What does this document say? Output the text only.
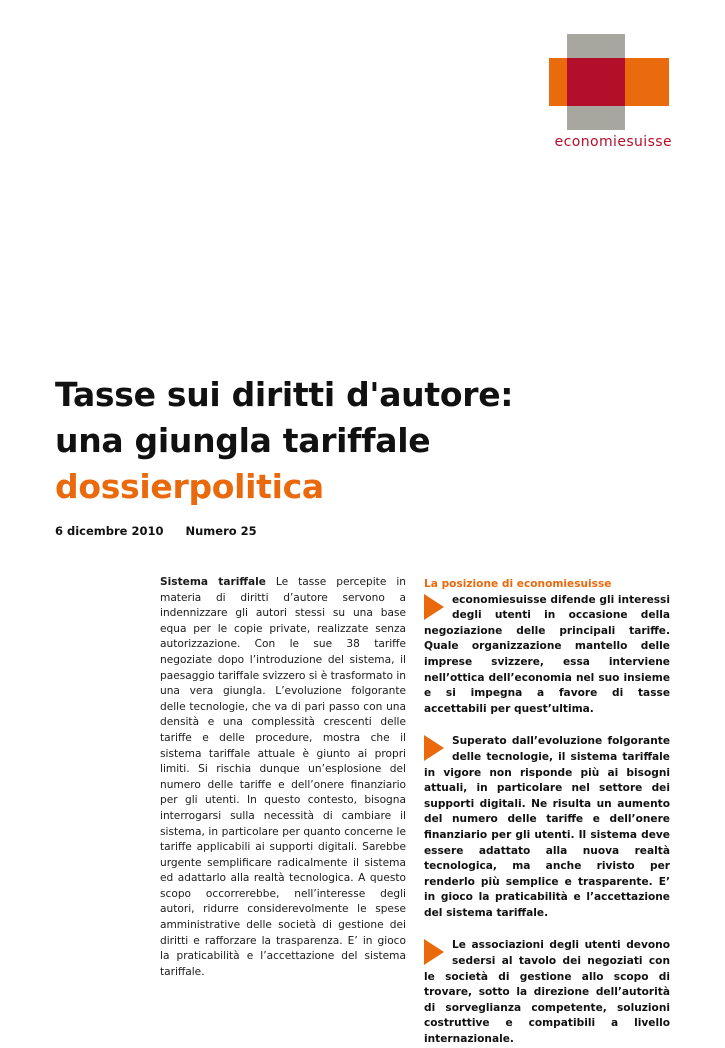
economiesuisse
Tasse sui diritti d'autore:
una giungla tariffale
dossierpolitica
6 dicembre 2010 Numero 25
Sistema tariffale Le tasse percepite in materia di diritti d’autore servono a indennizzare gli autori stessi su una base equa per le copie private, realizzate senza autorizzazione. Con le sue 38 tariffe negoziate dopo l’introduzione del sistema, il paesaggio tariffale svizzero si è trasformato in una vera giungla. L’evoluzione folgorante delle tecnologie, che va di pari passo con una densità e una complessità crescenti delle tariffe e delle procedure, mostra che il sistema tariffale attuale è giunto ai propri limiti. Si rischia dunque un’esplosione del numero delle tariffe e dell’onere finanziario per gli utenti. In questo contesto, bisogna interrogarsi sulla necessità di cambiare il sistema, in particolare per quanto concerne le tariffe applicabili ai supporti digitali. Sarebbe urgente semplificare radicalmente il sistema ed adattarlo alla realtà tecnologica. A questo scopo occorrerebbe, nell’interesse degli autori, ridurre considerevolmente le spese amministrative delle società di gestione dei diritti e rafforzare la trasparenza. E’ in gioco la praticabilità e l’accettazione del sistema tariffale.
La posizione di economiesuisse

economiesuisse difende gli interessi degli utenti in occasione della negoziazione delle principali tariffe. Quale organizzazione mantello delle imprese svizzere, essa interviene nell’ottica dell’economia nel suo insieme e si impegna a favore di tasse accettabili per quest’ultima.

Superato dall’evoluzione folgorante delle tecnologie, il sistema tariffale in vigore non risponde più ai bisogni attuali, in particolare nel settore dei supporti digitali. Ne risulta un aumento del numero delle tariffe e dell’onere finanziario per gli utenti. Il sistema deve essere adattato alla nuova realtà tecnologica, ma anche rivisto per renderlo più semplice e trasparente. E’ in gioco la praticabilità e l’accettazione del sistema tariffale.

Le associazioni degli utenti devono sedersi al tavolo dei negoziati con le società di gestione allo scopo di trovare, sotto la direzione dell’autorità di sorveglianza competente, soluzioni costruttive e compatibili a livello internazionale.
